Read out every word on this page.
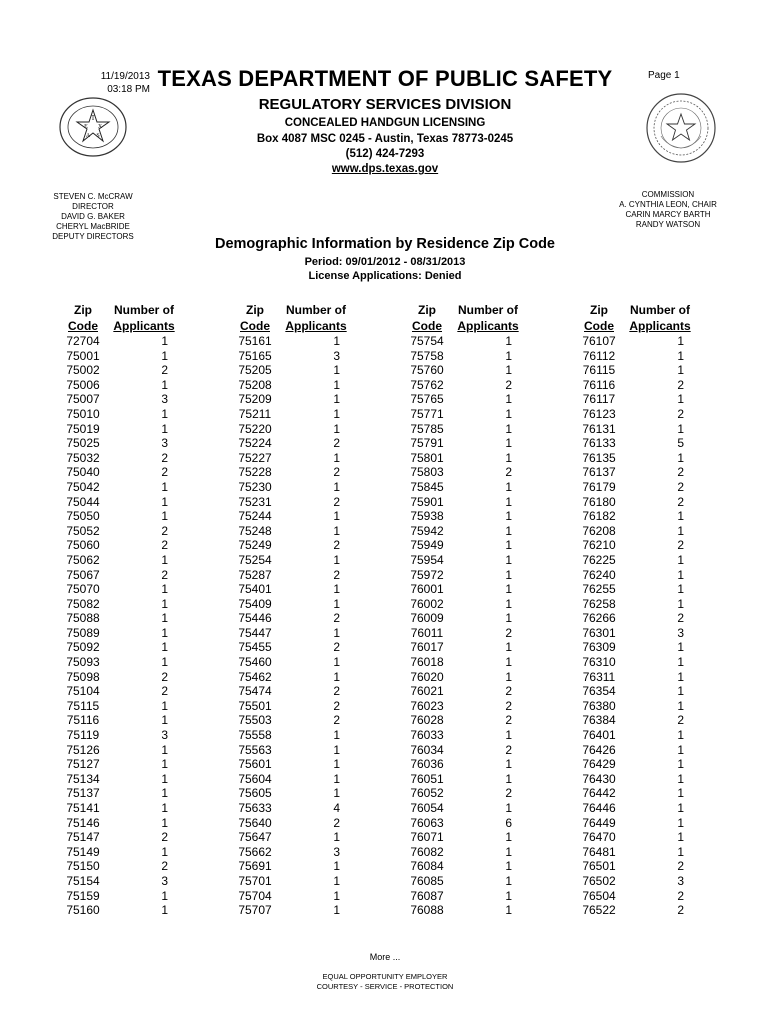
11/19/2013
03:18 PM
Page 1
TEXAS DEPARTMENT OF PUBLIC SAFETY
REGULATORY SERVICES DIVISION
CONCEALED HANDGUN LICENSING
Box 4087 MSC 0245 - Austin, Texas 78773-0245
(512) 424-7293
www.dps.texas.gov
T
E X
A S
STEVEN C. McCRAW
DIRECTOR
DAVID G. BAKER
CHERYL MacBRIDE
DEPUTY DIRECTORS
COMMISSION
A. CYNTHIA LEON, CHAIR
CARIN MARCY BARTH
RANDY WATSON
Demographic Information by Residence Zip Code
Period: 09/01/2012 - 08/31/2013
License Applications: Denied
Zip
Code
Number of
Applicants
72704	1
75001	1
75002	2
75006	1
75007	3
75010	1
75019	1
75025	3
75032	2
75040	2
75042	1
75044	1
75050	1
75052	2
75060	2
75062	1
75067	2
75070	1
75082	1
75088	1
75089	1
75092	1
75093	1
75098	2
75104	2
75115	1
75116	1
75119	3
75126	1
75127	1
75134	1
75137	1
75141	1
75146	1
75147	2
75149	1
75150	2
75154	3
75159	1
75160	1
Zip
Code
Number of
Applicants
75161	1
75165	3
75205	1
75208	1
75209	1
75211	1
75220	1
75224	2
75227	1
75228	2
75230	1
75231	2
75244	1
75248	1
75249	2
75254	1
75287	2
75401	1
75409	1
75446	2
75447	1
75455	2
75460	1
75462	1
75474	2
75501	2
75503	2
75558	1
75563	1
75601	1
75604	1
75605	1
75633	4
75640	2
75647	1
75662	3
75691	1
75701	1
75704	1
75707	1
Zip
Code
Number of
Applicants
75754	1
75758	1
75760	1
75762	2
75765	1
75771	1
75785	1
75791	1
75801	1
75803	2
75845	1
75901	1
75938	1
75942	1
75949	1
75954	1
75972	1
76001	1
76002	1
76009	1
76011	2
76017	1
76018	1
76020	1
76021	2
76023	2
76028	2
76033	1
76034	2
76036	1
76051	1
76052	2
76054	1
76063	6
76071	1
76082	1
76084	1
76085	1
76087	1
76088	1
Zip
Code
Number of
Applicants
76107	1
76112	1
76115	1
76116	2
76117	1
76123	2
76131	1
76133	5
76135	1
76137	2
76179	2
76180	2
76182	1
76208	1
76210	2
76225	1
76240	1
76255	1
76258	1
76266	2
76301	3
76309	1
76310	1
76311	1
76354	1
76380	1
76384	2
76401	1
76426	1
76429	1
76430	1
76442	1
76446	1
76449	1
76470	1
76481	1
76501	2
76502	3
76504	2
76522	2
More ...
EQUAL OPPORTUNITY EMPLOYER
COURTESY - SERVICE - PROTECTION
